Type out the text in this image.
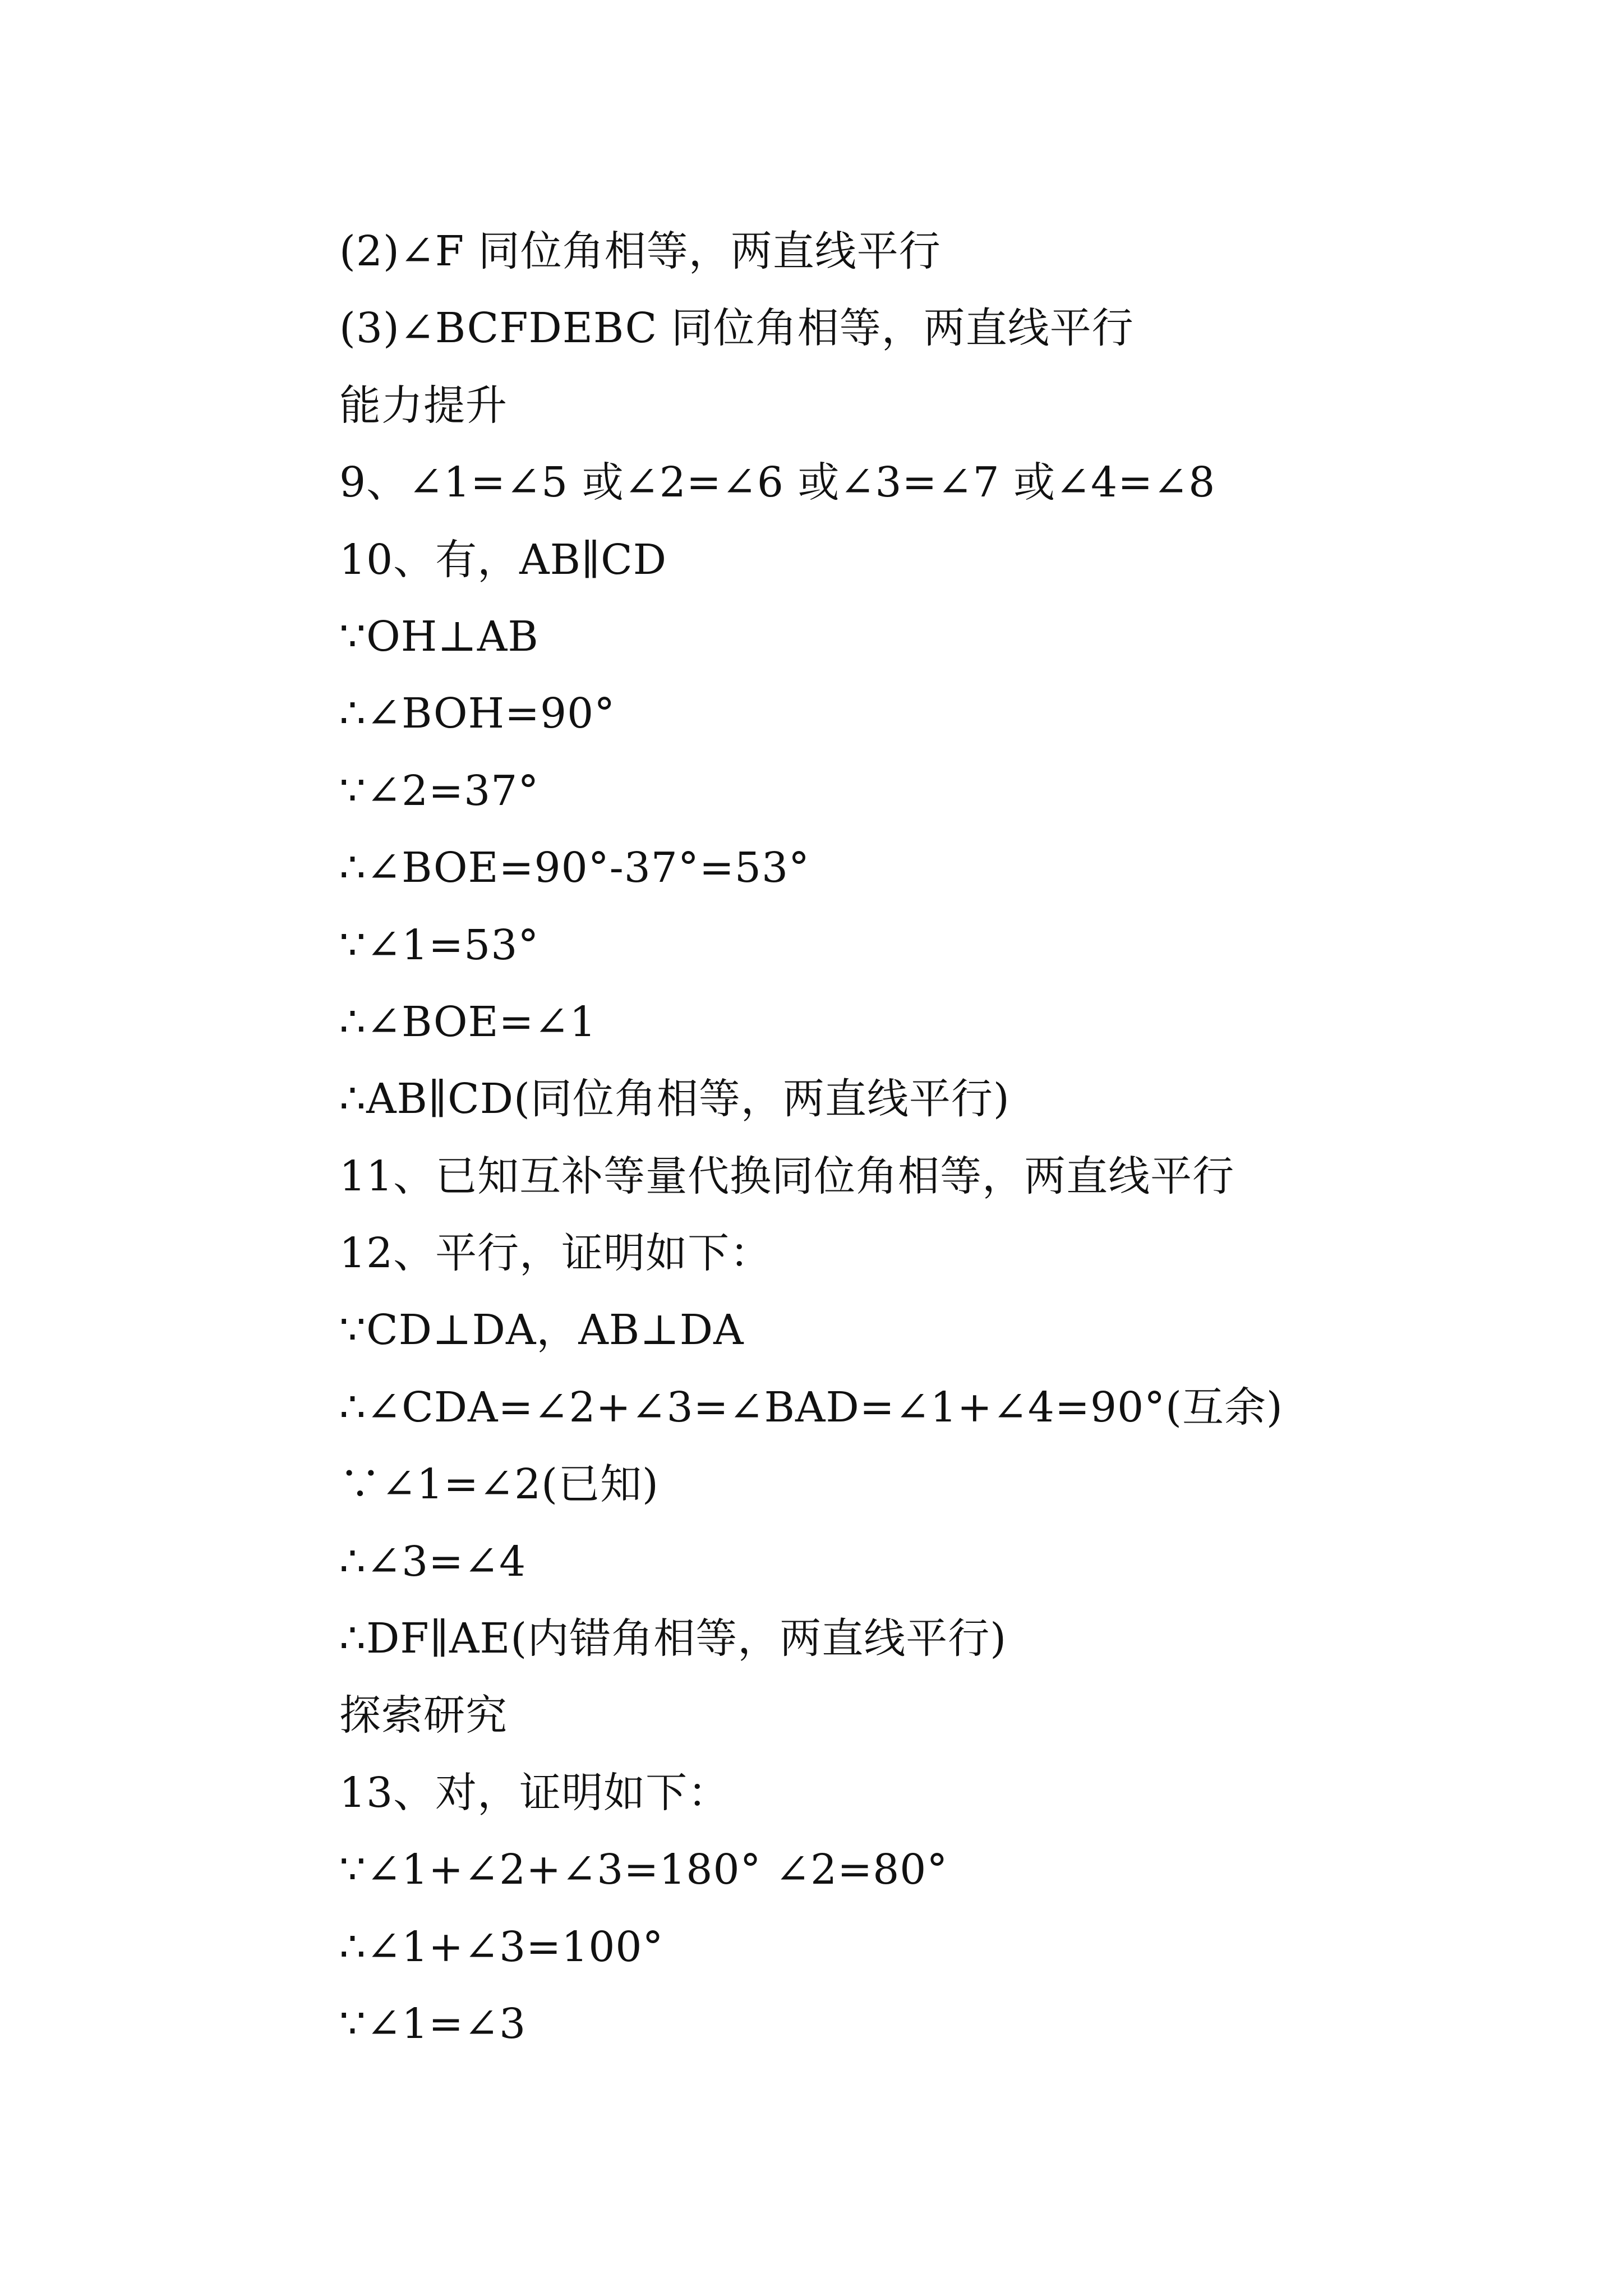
(2)∠F 同位角相等，两直线平行
(3)∠BCFDEBC 同位角相等，两直线平行
能力提升
9、∠1=∠5 或∠2=∠6 或∠3=∠7 或∠4=∠8
10、有，AB∥CD
∵OH⊥AB
∴∠BOH=90°
∵∠2=37°
∴∠BOE=90°-37°=53°
∵∠1=53°
∴∠BOE=∠1
∴AB∥CD(同位角相等，两直线平行)
11、已知互补等量代换同位角相等，两直线平行
12、平行，证明如下：
∵CD⊥DA，AB⊥DA
∴∠CDA=∠2+∠3=∠BAD=∠1+∠4=90°(互余)
∵∠1=∠2(已知)
∴∠3=∠4
∴DF∥AE(内错角相等，两直线平行)
探索研究
13、对，证明如下：
∵∠1+∠2+∠3=180° ∠2=80°
∴∠1+∠3=100°
∵∠1=∠3
